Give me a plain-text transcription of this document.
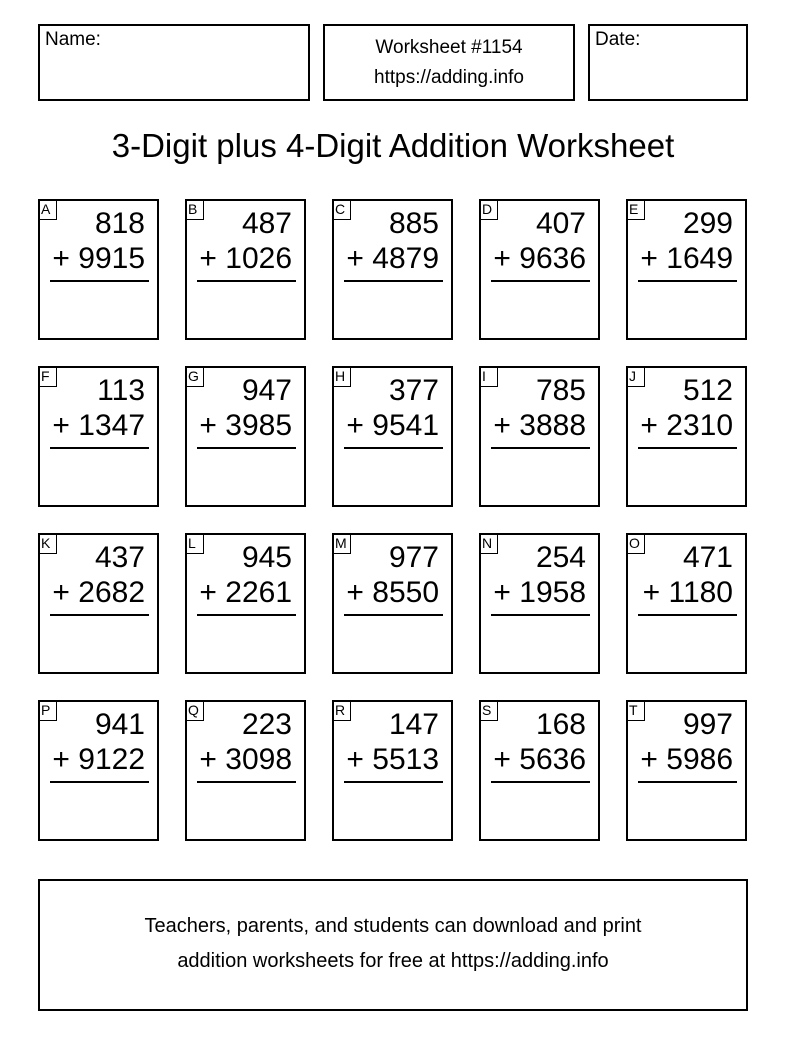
Name:	Worksheet #1154
https://adding.info
Date:
3-Digit plus 4-Digit Addition Worksheet
A 818
+ 9915
B 487
+ 1026
C 885
+ 4879
D 407
+ 9636
E 299
+ 1649
F 113
+ 1347
G 947
+ 3985
H 377
+ 9541
I	785
+ 3888
J	512
+ 2310
K 437
+ 2682
L 945
+ 2261
M 977
+ 8550
N 254
+ 1958
O 471
+ 1180
P 941
+ 9122
Q 223
+ 3098
R 147
+ 5513
S 168
+ 5636
T 997
+ 5986
Teachers, parents, and students can download and print
addition worksheets for free at https://adding.info
